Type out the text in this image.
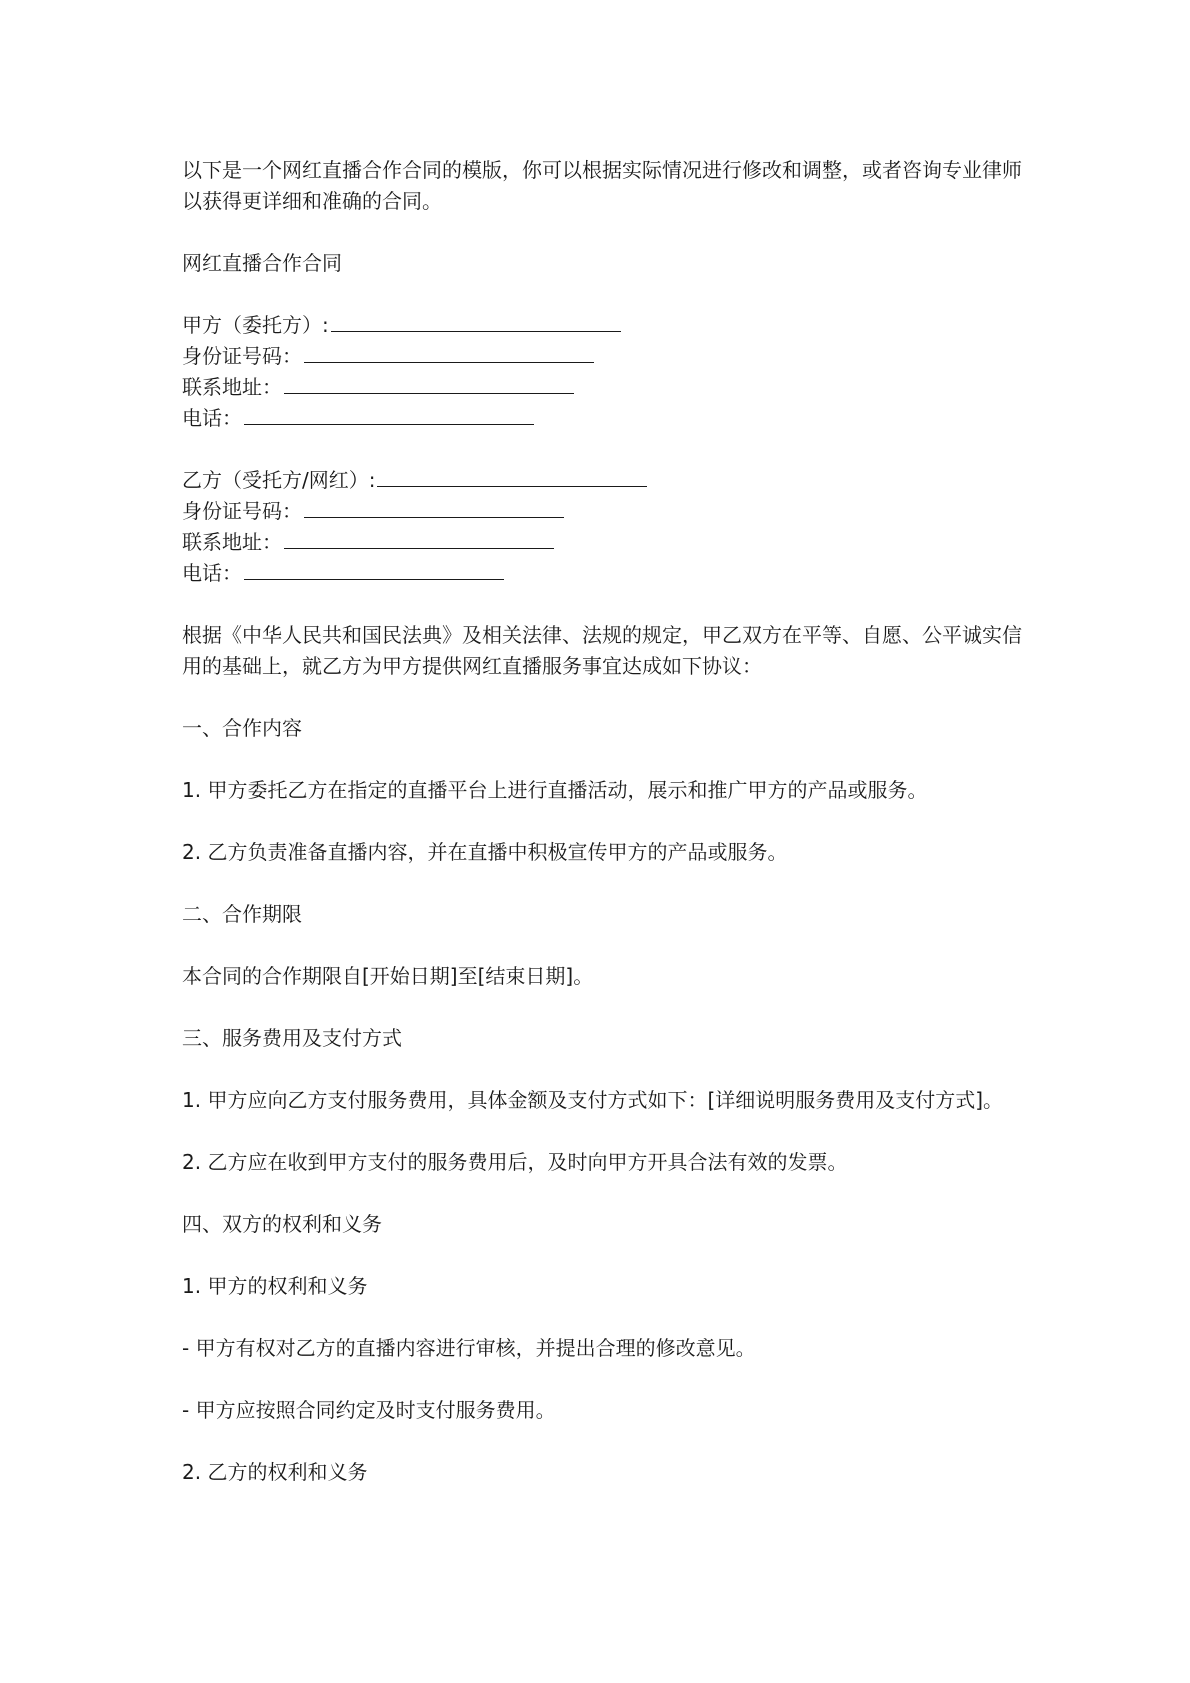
以下是一个网红直播合作合同的模版，你可以根据实际情况进行修改和调整，或者咨询专业律师以获得更详细和准确的合同。

网红直播合作合同

甲方（委托方）:
身份证号码：
联系地址：
电话：
乙方（受托方/网红）:
身份证号码：
联系地址：
电话：

根据《中华人民共和国民法典》及相关法律、法规的规定，甲乙双方在平等、自愿、公平诚实信用的基础上，就乙方为甲方提供网红直播服务事宜达成如下协议：

一、合作内容

1. 甲方委托乙方在指定的直播平台上进行直播活动，展示和推广甲方的产品或服务。

2. 乙方负责准备直播内容，并在直播中积极宣传甲方的产品或服务。

二、合作期限

本合同的合作期限自[开始日期]至[结束日期]。

三、服务费用及支付方式

1. 甲方应向乙方支付服务费用，具体金额及支付方式如下：[详细说明服务费用及支付方式]。

2. 乙方应在收到甲方支付的服务费用后，及时向甲方开具合法有效的发票。

四、双方的权利和义务

1. 甲方的权利和义务

- 甲方有权对乙方的直播内容进行审核，并提出合理的修改意见。

- 甲方应按照合同约定及时支付服务费用。

2. 乙方的权利和义务
